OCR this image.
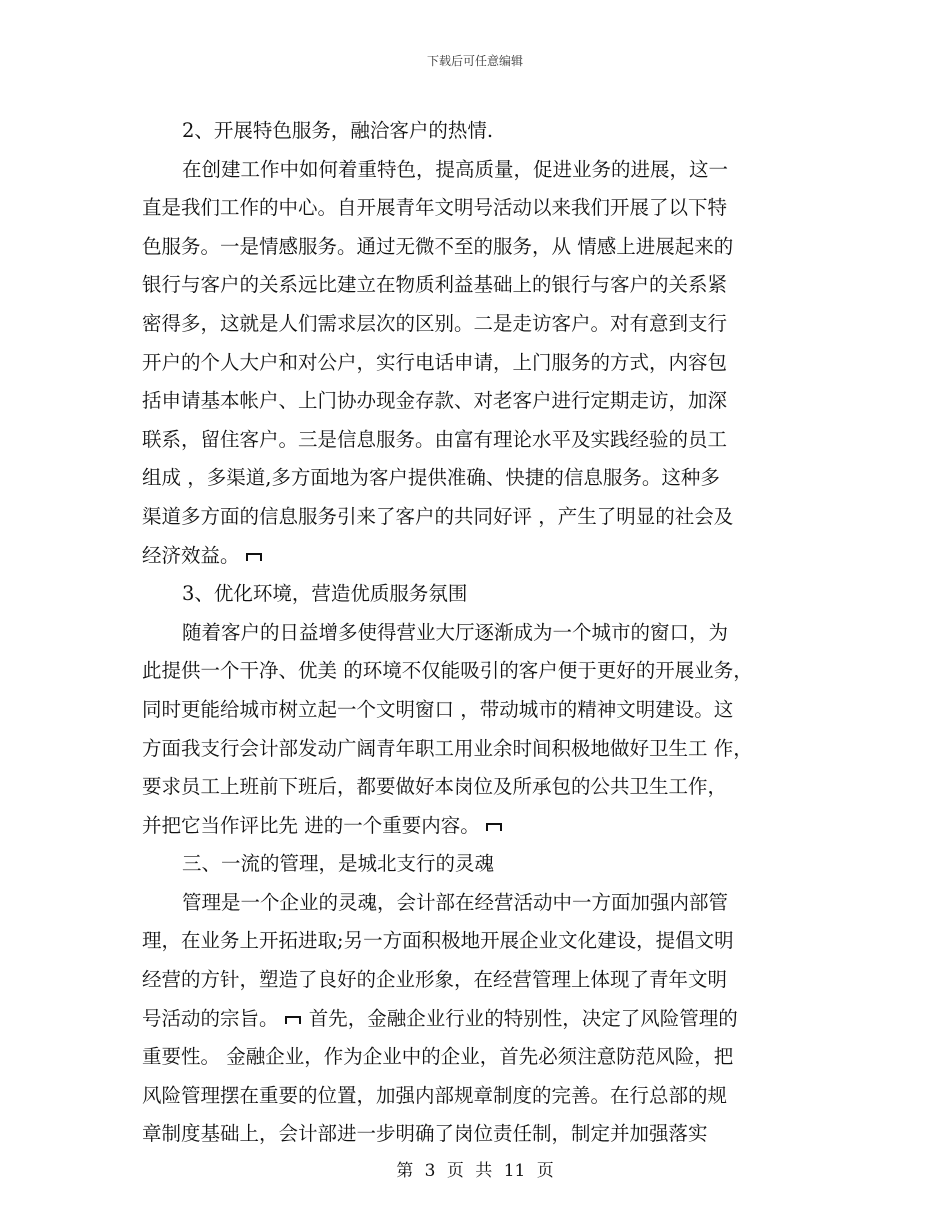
下载后可任意编辑
2、开展特色服务，融洽客户的热情.
在创建工作中如何着重特色，提高质量，促进业务的进展，这一
直是我们工作的中心。自开展青年文明号活动以来我们开展了以下特
色服务。一是情感服务。通过无微不至的服务，从 情感上进展起来的
银行与客户的关系远比建立在物质利益基础上的银行与客户的关系紧
密得多，这就是人们需求层次的区别。二是走访客户。对有意到支行
开户的个人大户和对公户，实行电话申请，上门服务的方式，内容包
括申请基本帐户、上门协办现金存款、对老客户进行定期走访，加深
联系，留住客户。三是信息服务。由富有理论水平及实践经验的员工
组成 ，多渠道,多方面地为客户提供准确、快捷的信息服务。这种多
渠道多方面的信息服务引来了客户的共同好评 ，产生了明显的社会及
经济效益。
3、优化环境，营造优质服务氛围
随着客户的日益增多使得营业大厅逐渐成为一个城市的窗口，为
此提供一个干净、优美 的环境不仅能吸引的客户便于更好的开展业务，
同时更能给城市树立起一个文明窗口 ，带动城市的精神文明建设。这
方面我支行会计部发动广阔青年职工用业余时间积极地做好卫生工 作，
要求员工上班前下班后，都要做好本岗位及所承包的公共卫生工作，
并把它当作评比先 进的一个重要内容。
三、一流的管理，是城北支行的灵魂
管理是一个企业的灵魂，会计部在经营活动中一方面加强内部管
理，在业务上开拓进取;另一方面积极地开展企业文化建设，提倡文明
经营的方针，塑造了良好的企业形象，在经营管理上体现了青年文明
号活动的宗旨。 首先，金融企业行业的特别性，决定了风险管理的
重要性。 金融企业，作为企业中的企业，首先必须注意防范风险，把
风险管理摆在重要的位置，加强内部规章制度的完善。在行总部的规
章制度基础上，会计部进一步明确了岗位责任制，制定并加强落实
第 3 页 共 11 页
